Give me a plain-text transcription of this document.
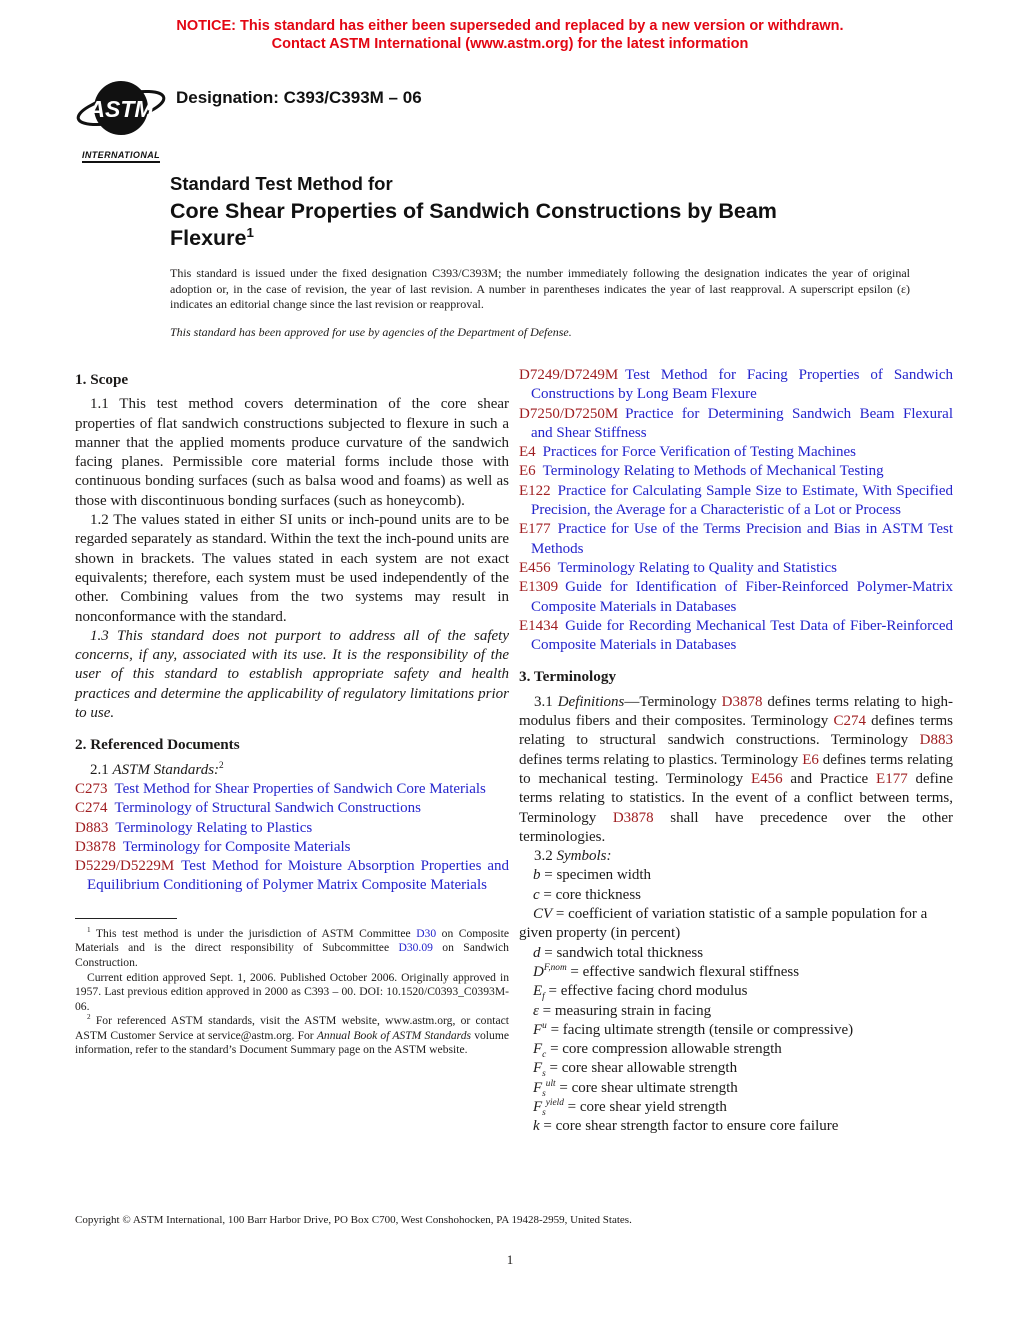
NOTICE: This standard has either been superseded and replaced by a new version or withdrawn.
Contact ASTM International (www.astm.org) for the latest information
ASTM
INTERNATIONAL
Designation: C393/C393M – 06
Standard Test Method for
Core Shear Properties of Sandwich Constructions by Beam Flexure$^1$
This standard is issued under the fixed designation C393/C393M; the number immediately following the designation indicates the year of original adoption or, in the case of revision, the year of last revision. A number in parentheses indicates the year of last reapproval. A superscript epsilon (ε) indicates an editorial change since the last revision or reapproval.
This standard has been approved for use by agencies of the Department of Defense.
1. Scope

1.1 This test method covers determination of the core shear properties of flat sandwich constructions subjected to flexure in such a manner that the applied moments produce curvature of the sandwich facing planes. Permissible core material forms include those with continuous bonding surfaces (such as balsa wood and foams) as well as those with discontinuous bonding surfaces (such as honeycomb).

1.2 The values stated in either SI units or inch-pound units are to be regarded separately as standard. Within the text the inch-pound units are shown in brackets. The values stated in each system are not exact equivalents; therefore, each system must be used independently of the other. Combining values from the two systems may result in nonconformance with the standard.

1.3 This standard does not purport to address all of the safety concerns, if any, associated with its use. It is the responsibility of the user of this standard to establish appropriate safety and health practices and determine the applicability of regulatory limitations prior to use.

2. Referenced Documents

2.1 ASTM Standards:$^2$

C273 Test Method for Shear Properties of Sandwich Core Materials
C274 Terminology of Structural Sandwich Constructions
D883 Terminology Relating to Plastics
D3878 Terminology for Composite Materials
D5229/D5229M Test Method for Moisture Absorption Properties and Equilibrium Conditioning of Polymer Matrix Composite Materials

$^1$ This test method is under the jurisdiction of ASTM Committee D30 on Composite Materials and is the direct responsibility of Subcommittee D30.09 on Sandwich Construction.

Current edition approved Sept. 1, 2006. Published October 2006. Originally approved in 1957. Last previous edition approved in 2000 as C393 – 00. DOI: 10.1520/C0393_C0393M-06.

$^2$ For referenced ASTM standards, visit the ASTM website, www.astm.org, or contact ASTM Customer Service at service@astm.org. For Annual Book of ASTM Standards volume information, refer to the standard’s Document Summary page on the ASTM website.

D7249/D7249M Test Method for Facing Properties of Sandwich Constructions by Long Beam Flexure
D7250/D7250M Practice for Determining Sandwich Beam Flexural and Shear Stiffness
E4 Practices for Force Verification of Testing Machines
E6 Terminology Relating to Methods of Mechanical Testing
E122 Practice for Calculating Sample Size to Estimate, With Specified Precision, the Average for a Characteristic of a Lot or Process
E177 Practice for Use of the Terms Precision and Bias in ASTM Test Methods
E456 Terminology Relating to Quality and Statistics
E1309 Guide for Identification of Fiber-Reinforced Polymer-Matrix Composite Materials in Databases
E1434 Guide for Recording Mechanical Test Data of Fiber-Reinforced Composite Materials in Databases
3. Terminology

3.1 Definitions—Terminology D3878 defines terms relating to high-modulus fibers and their composites. Terminology C274 defines terms relating to structural sandwich constructions. Terminology D883 defines terms relating to plastics. Terminology E6 defines terms relating to mechanical testing. Terminology E456 and Practice E177 define terms relating to statistics. In the event of a conflict between terms, Terminology D3878 shall have precedence over the other terminologies.

3.2 Symbols:

b = specimen width
c = core thickness
CV = coefficient of variation statistic of a sample population for a given property (in percent)
d = sandwich total thickness
$D^{F,nom}$ = effective sandwich flexural stiffness
$E_f$ = effective facing chord modulus
ε = measuring strain in facing
$F^u$ = facing ultimate strength (tensile or compressive)
$F_c$ = core compression allowable strength
$F_s$ = core shear allowable strength
$F_s^{ult}$ = core shear ultimate strength
$F_s^{yield}$ = core shear yield strength
k = core shear strength factor to ensure core failure
Copyright © ASTM International, 100 Barr Harbor Drive, PO Box C700, West Conshohocken, PA 19428-2959, United States.
1
